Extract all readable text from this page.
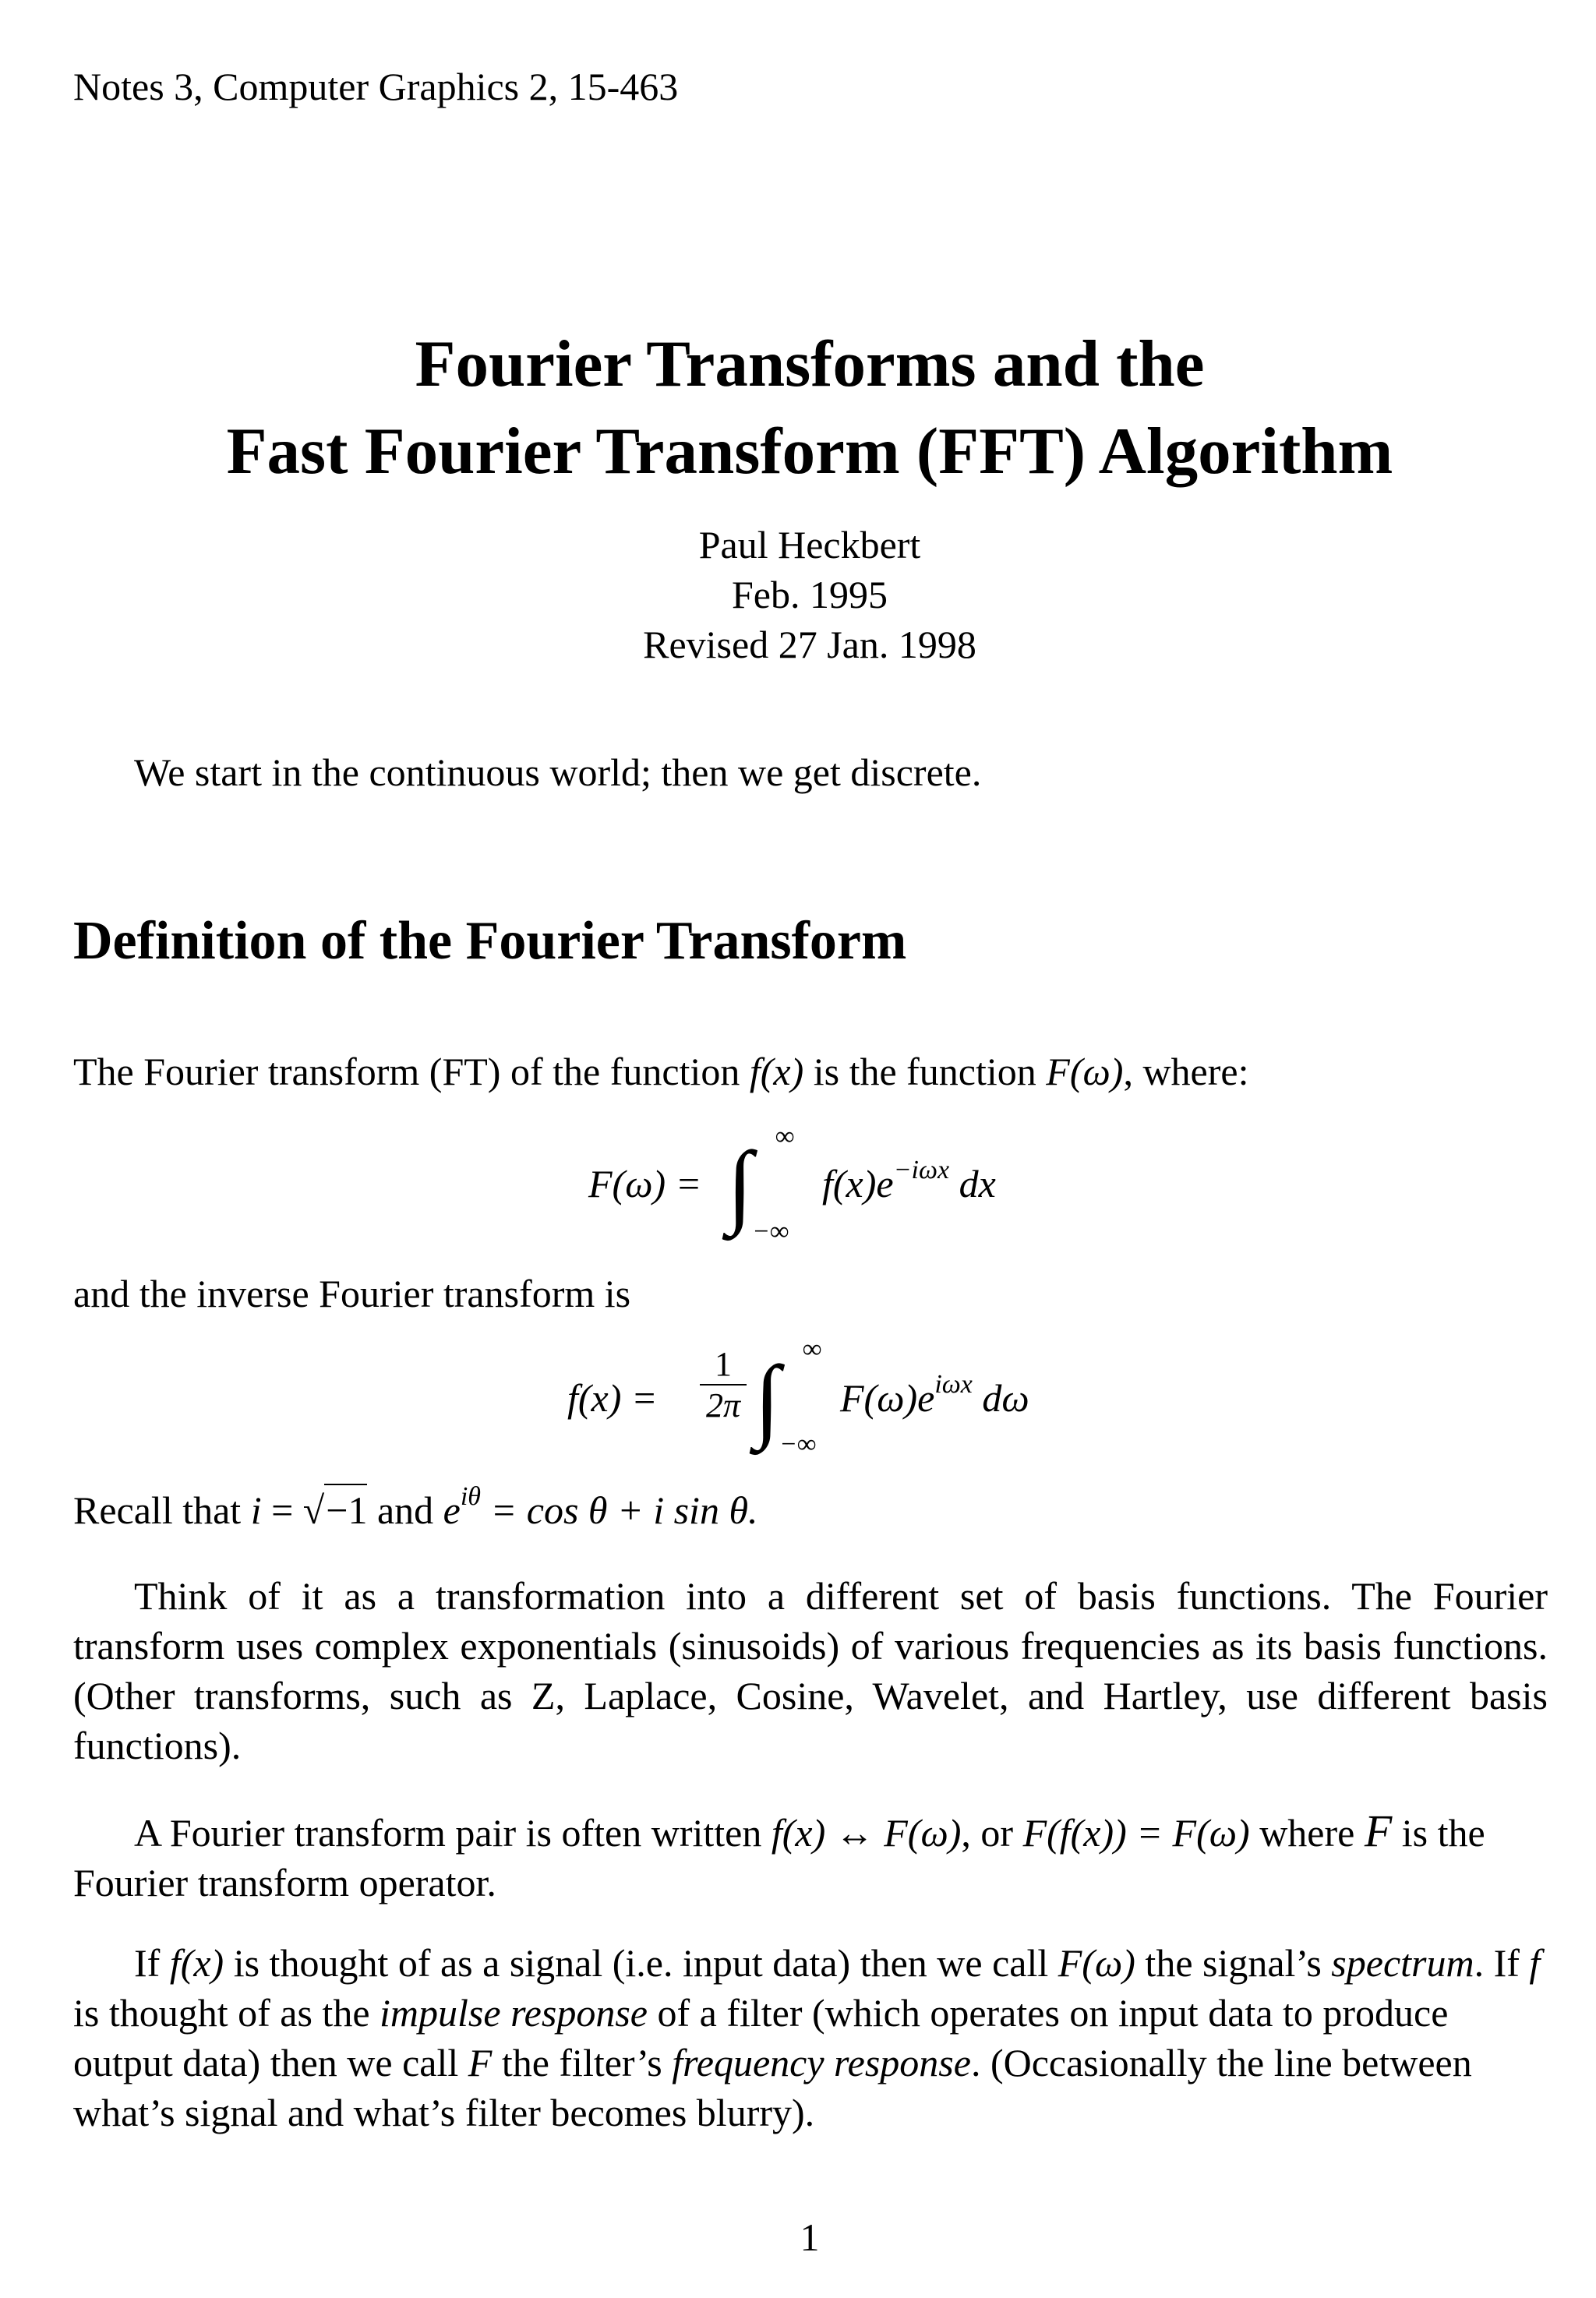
Notes 3, Computer Graphics 2, 15-463
Fourier Transforms and the
Fast Fourier Transform (FFT) Algorithm
Paul Heckbert
Feb. 1995
Revised 27 Jan. 1998
We start in the continuous world; then we get discrete.
Definition of the Fourier Transform
The Fourier transform (FT) of the function f(x) is the function F(ω), where:
F(ω) = ∫ ∞
−∞
$f(x)e^{-i\omega x}$ dx
and the inverse Fourier transform is
$f(x) = \frac{1}{2\pi}$ ∫ ∞
−∞
$F(\omega)e^{i\omega x}$ dω
Recall that i = √−1 and $e^{i\theta} = \cos \theta + i$ sin θ.
Think of it as a transformation into a different set of basis functions. The Fourier transform uses complex exponentials (sinusoids) of various frequencies as its basis functions. (Other transforms, such as Z, Laplace, Cosine, Wavelet, and Hartley, use different basis functions).
A Fourier transform pair is often written f(x) ↔ F(ω), or F(f(x)) = F(ω) where F is the Fourier transform operator.
If f(x) is thought of as a signal (i.e. input data) then we call F(ω) the signal’s spectrum. If f is thought of as the impulse response of a filter (which operates on input data to produce output data) then we call F the filter’s frequency response. (Occasionally the line between what’s signal and what’s filter becomes blurry).
1
